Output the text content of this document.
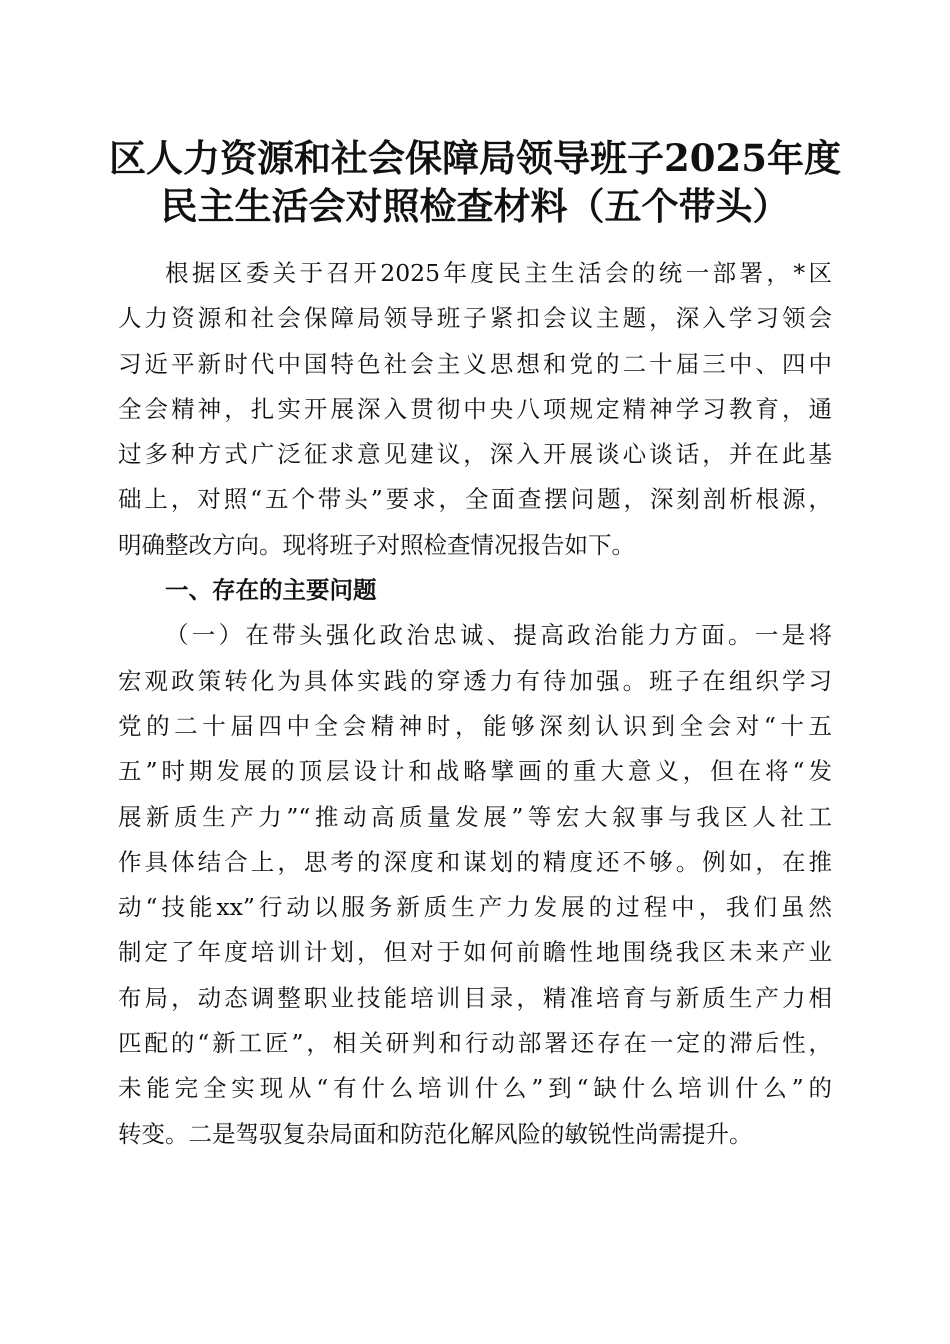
区人力资源和社会保障局领导班子2025年度
民主生活会对照检查材料（五个带头）
根据区委关于召开2025年度民主生活会的统一部署，*区
人力资源和社会保障局领导班子紧扣会议主题，深入学习领会
习近平新时代中国特色社会主义思想和党的二十届三中、四中
全会精神，扎实开展深入贯彻中央八项规定精神学习教育，通
过多种方式广泛征求意见建议，深入开展谈心谈话，并在此基
础上，对照“五个带头”要求，全面查摆问题，深刻剖析根源，
明确整改方向。现将班子对照检查情况报告如下。
一、存在的主要问题
（一）在带头强化政治忠诚、提高政治能力方面。一是将
宏观政策转化为具体实践的穿透力有待加强。班子在组织学习
党的二十届四中全会精神时，能够深刻认识到全会对“十五
五”时期发展的顶层设计和战略擘画的重大意义，但在将“发
展新质生产力”“推动高质量发展”等宏大叙事与我区人社工
作具体结合上，思考的深度和谋划的精度还不够。例如，在推
动“技能xx”行动以服务新质生产力发展的过程中，我们虽然
制定了年度培训计划，但对于如何前瞻性地围绕我区未来产业
布局，动态调整职业技能培训目录，精准培育与新质生产力相
匹配的“新工匠”，相关研判和行动部署还存在一定的滞后性，
未能完全实现从“有什么培训什么”到“缺什么培训什么”的
转变。二是驾驭复杂局面和防范化解风险的敏锐性尚需提升。
